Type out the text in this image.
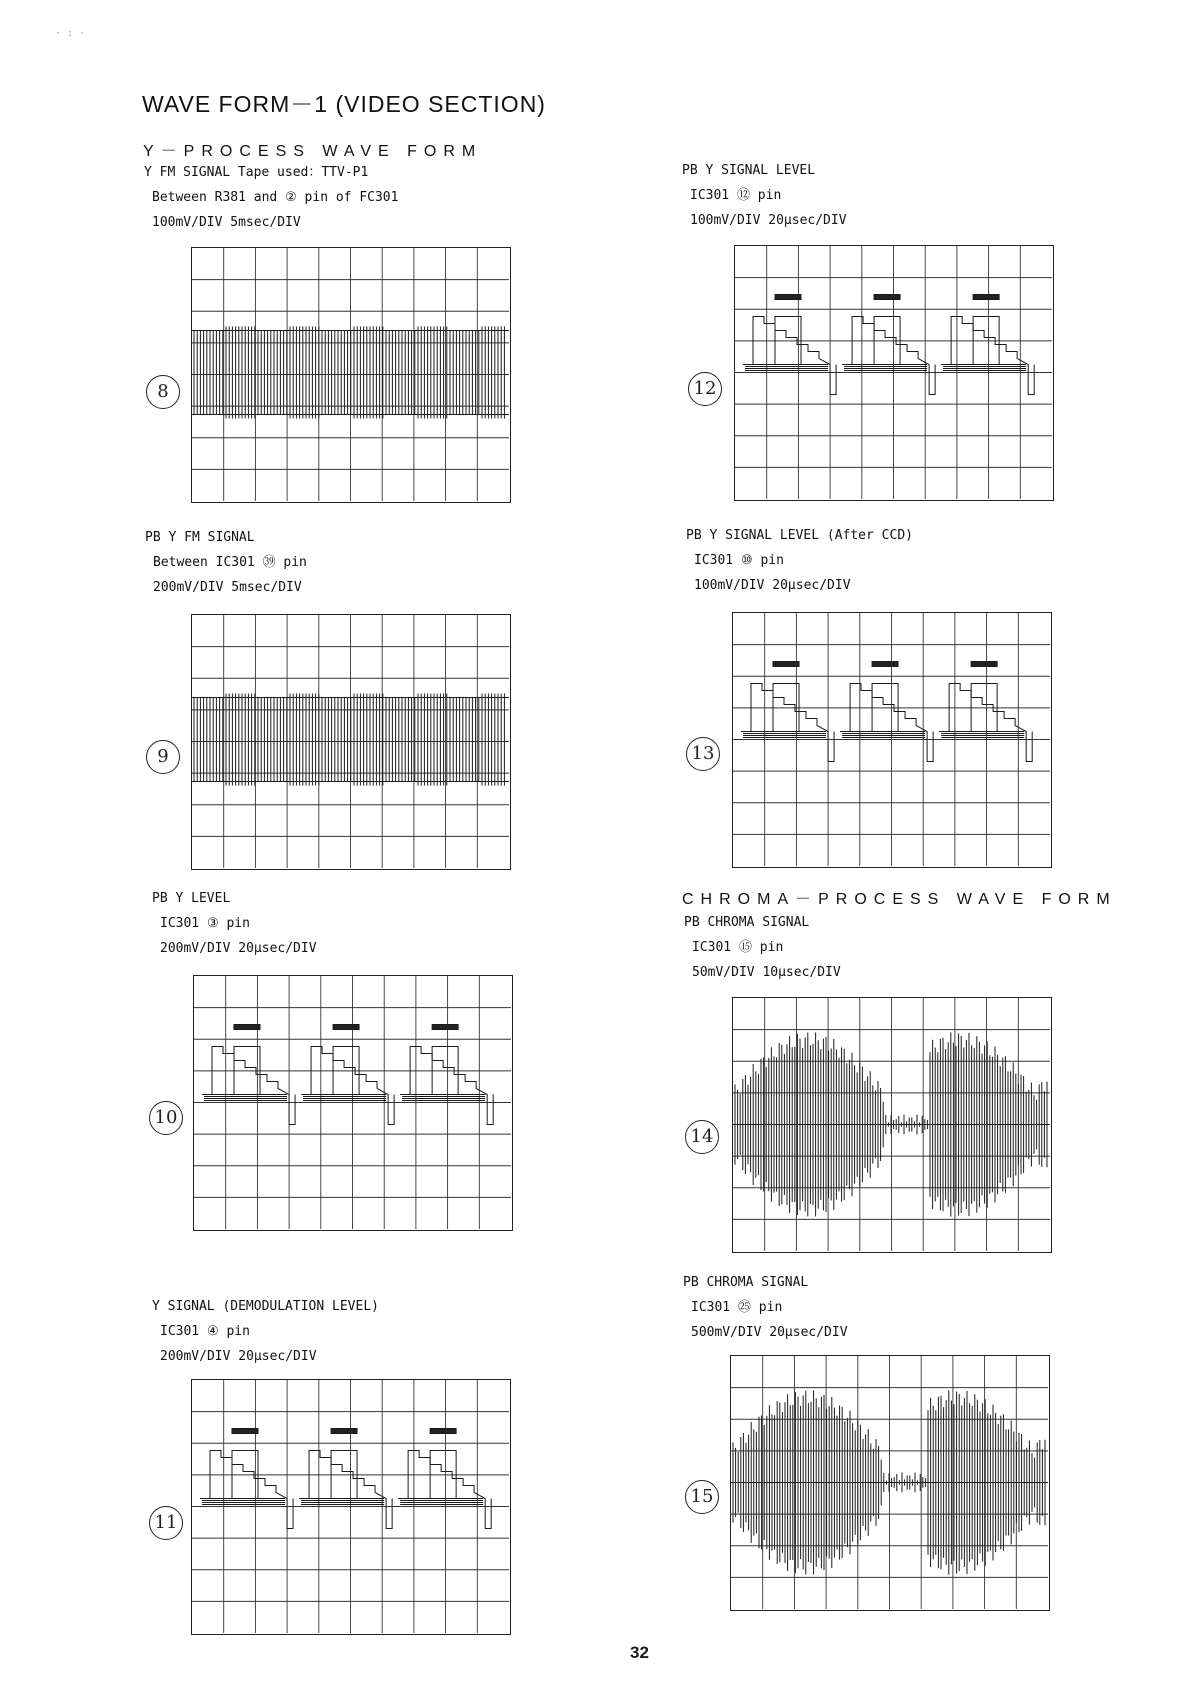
· : ·
WAVE FORM－1 (VIDEO SECTION)
Y－PROCESS WAVE FORM
CHROMA－PROCESS WAVE FORM
Y FM SIGNAL Tape used：TTV-P1
Between R381 and ② pin of FC301
100mV/DIV 5msec/DIV
8
PB Y FM SIGNAL
Between IC301 ㊴ pin
200mV/DIV 5msec/DIV
9
PB Y LEVEL
IC301 ③ pin
200mV/DIV 20μsec/DIV
10
Y SIGNAL (DEMODULATION LEVEL)
IC301 ④ pin
200mV/DIV 20μsec/DIV
11
PB Y SIGNAL LEVEL
IC301 ⑫ pin
100mV/DIV 20μsec/DIV
12
PB Y SIGNAL LEVEL (After CCD)
IC301 ⑩ pin
100mV/DIV 20μsec/DIV
13
PB CHROMA SIGNAL
IC301 ⑮ pin
50mV/DIV 10μsec/DIV
14
PB CHROMA SIGNAL
IC301 ㉕ pin
500mV/DIV 20μsec/DIV
15
32
